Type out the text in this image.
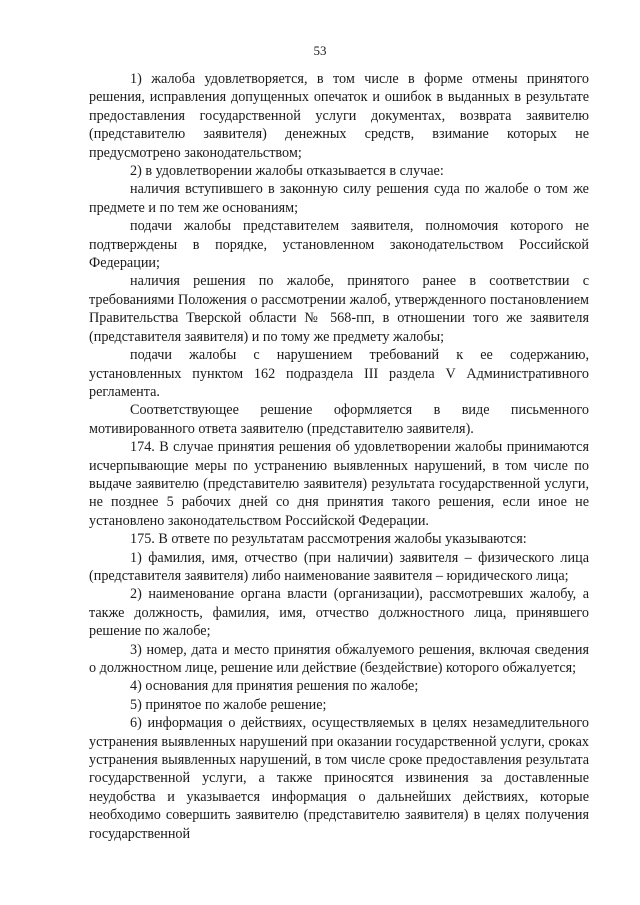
53

1) жалоба удовлетворяется, в том числе в форме отмены принятого решения, исправления допущенных опечаток и ошибок в выданных в результате предоставления государственной услуги документах, возврата заявителю (представителю заявителя) денежных средств, взимание которых не предусмотрено законодательством;

2) в удовлетворении жалобы отказывается в случае:

наличия вступившего в законную силу решения суда по жалобе о том же предмете и по тем же основаниям;

подачи жалобы представителем заявителя, полномочия которого не подтверждены в порядке, установленном законодательством Российской Федерации;

наличия решения по жалобе, принятого ранее в соответствии с требованиями Положения о рассмотрении жалоб, утвержденного постановлением Правительства Тверской области № 568-пп, в отношении того же заявителя (представителя заявителя) и по тому же предмету жалобы;

подачи жалобы с нарушением требований к ее содержанию, установленных пунктом 162 подраздела III раздела V Административного регламента.

Соответствующее решение оформляется в виде письменного мотивированного ответа заявителю (представителю заявителя).

174. В случае принятия решения об удовлетворении жалобы принимаются исчерпывающие меры по устранению выявленных нарушений, в том числе по выдаче заявителю (представителю заявителя) результата государственной услуги, не позднее 5 рабочих дней со дня принятия такого решения, если иное не установлено законодательством Российской Федерации.

175. В ответе по результатам рассмотрения жалобы указываются:

1) фамилия, имя, отчество (при наличии) заявителя – физического лица (представителя заявителя) либо наименование заявителя – юридического лица;

2) наименование органа власти (организации), рассмотревших жалобу, а также должность, фамилия, имя, отчество должностного лица, принявшего решение по жалобе;

3) номер, дата и место принятия обжалуемого решения, включая сведения о должностном лице, решение или действие (бездействие) которого обжалуется;

4) основания для принятия решения по жалобе;

5) принятое по жалобе решение;

6) информация о действиях, осуществляемых в целях незамедлительного устранения выявленных нарушений при оказании государственной услуги, сроках устранения выявленных нарушений, в том числе сроке предоставления результата государственной услуги, а также приносятся извинения за доставленные неудобства и указывается информация о дальнейших действиях, которые необходимо совершить заявителю (представителю заявителя) в целях получения государственной
